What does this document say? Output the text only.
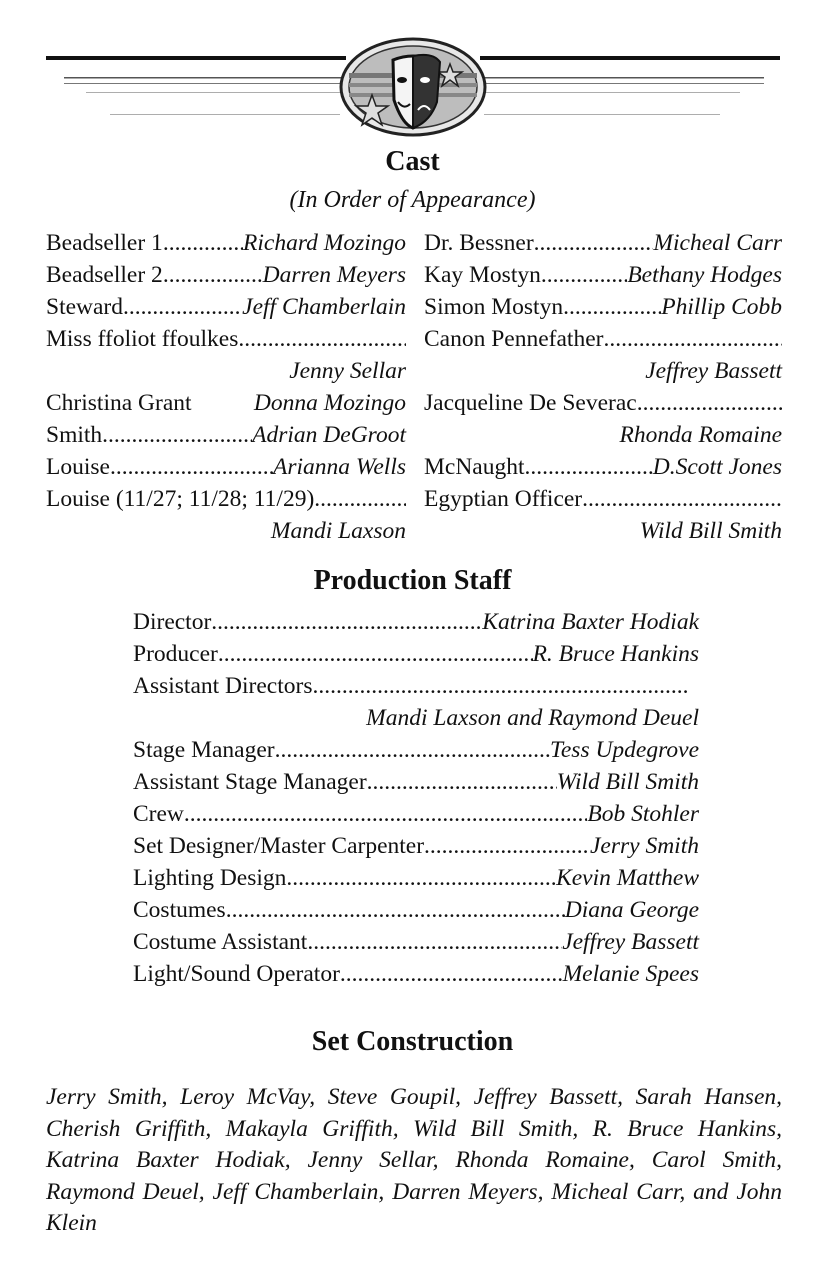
Cast
(In Order of Appearance)
Beadseller 1 .....	Richard Mozingo
Beadseller 2 .....	Darren Meyers
Steward .....	Jeff Chamberlain
Miss ffoliot ffoulkes
.....
Jenny Sellar
Christina Grant	Donna Mozingo
Smith .....	Adrian DeGroot
Louise .....	Arianna Wells
Louise (11/27; 11/28; 11/29)
.....
Mandi Laxson
Dr. Bessner .....	Micheal Carr
Kay Mostyn .....	Bethany Hodges
Simon Mostyn .....	Phillip Cobb
Canon Pennefather
.....
Jeffrey Bassett
Jacqueline De Severac
.....
Rhonda Romaine
McNaught .....	D.Scott Jones
Egyptian Officer
.....
Wild Bill Smith
Production Staff
Director .....	Katrina Baxter Hodiak
Producer .....	R. Bruce Hankins
Assistant Directors
.....
Mandi Laxson and Raymond Deuel
Stage Manager .....	Tess Updegrove
Assistant Stage Manager .....	Wild Bill Smith
Crew .....	Bob Stohler
Set Designer/Master Carpenter .....	Jerry Smith
Lighting Design .....	Kevin Matthew
Costumes .....	Diana George
Costume Assistant .....	Jeffrey Bassett
Light/Sound Operator .....	Melanie Spees
Set Construction
Jerry Smith, Leroy McVay, Steve Goupil, Jeffrey Bassett, Sarah Hansen, Cherish Griffith, Makayla Griffith, Wild Bill Smith, R. Bruce Hankins, Katrina Baxter Hodiak, Jenny Sellar, Rhonda Romaine, Carol Smith, Raymond Deuel, Jeff Chamberlain, Darren Meyers, Micheal Carr, and John Klein
